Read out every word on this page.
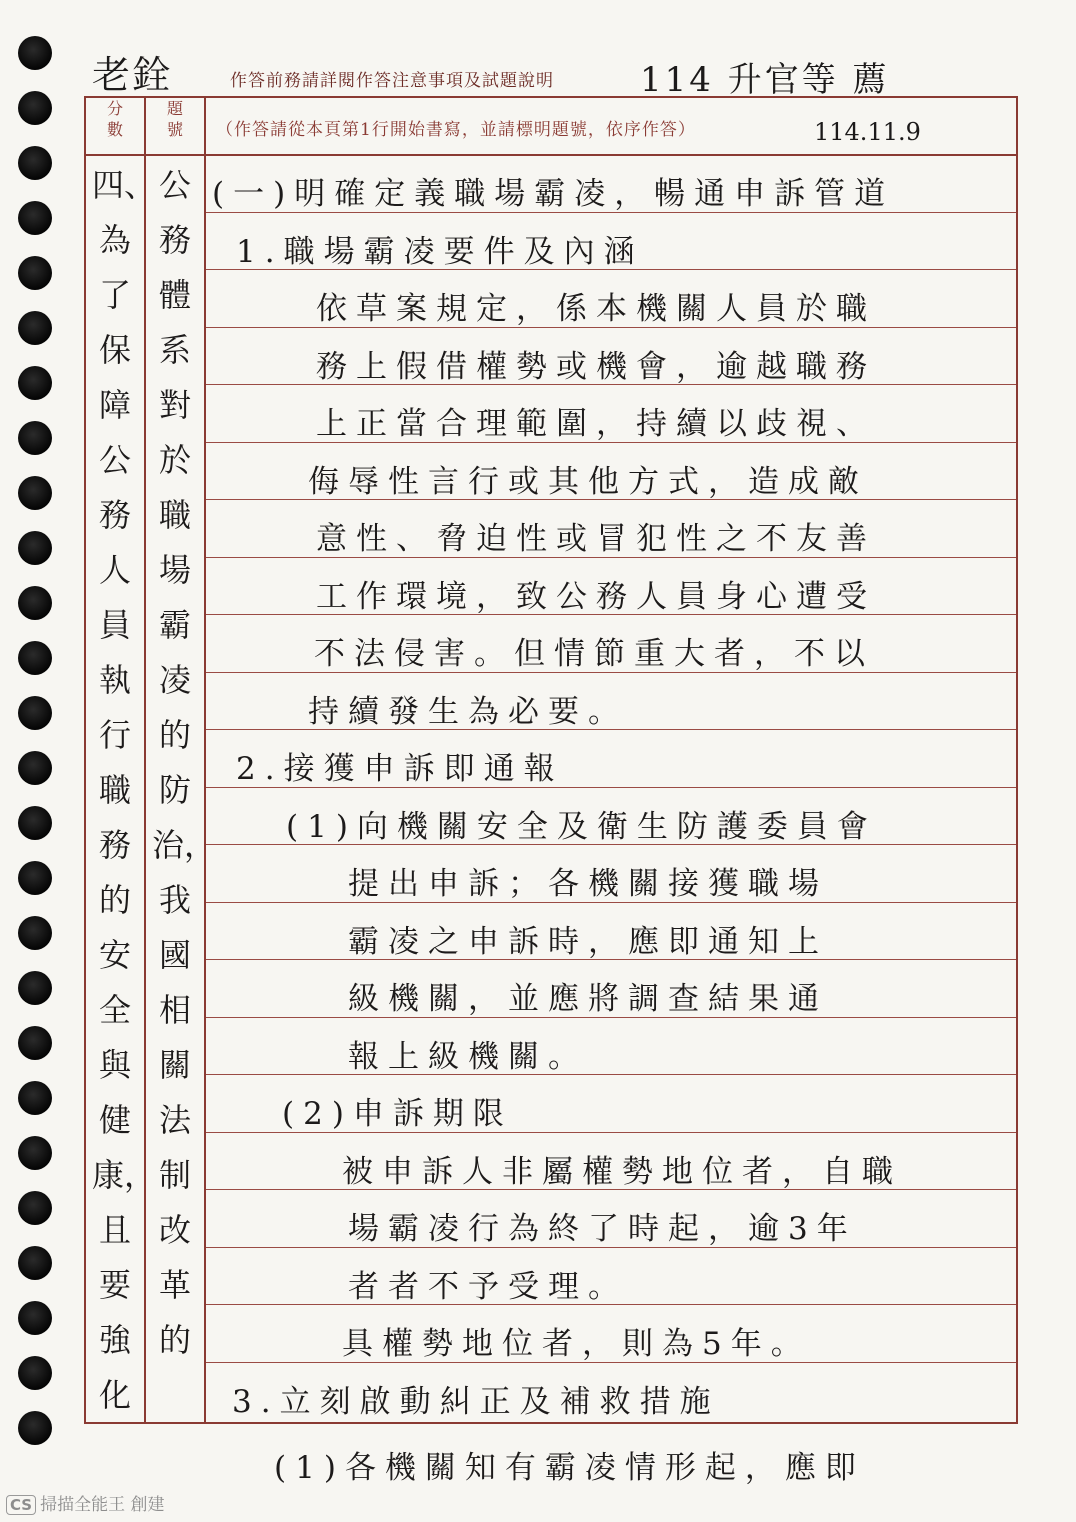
老銓	作答前務請詳閱作答注意事項及試題說明	114 升官等 薦
分數
題號	（作答請從本頁第1行開始書寫，並請標明題號，依序作答）	114.11.9
四、為了保障公務人員執行職務的安全與健康，且要強化
公務體系對於職場霸凌的防治，我國相關法制改革的
(一)明確定義職場霸凌，暢通申訴管道
1.職場霸凌要件及內涵
依草案規定，係本機關人員於職
務上假借權勢或機會，逾越職務
上正當合理範圍，持續以歧視、
侮辱性言行或其他方式，造成敵
意性、脅迫性或冒犯性之不友善
工作環境，致公務人員身心遭受
不法侵害。但情節重大者，不以
持續發生為必要。
2.接獲申訴即通報
(1)向機關安全及衛生防護委員會
提出申訴；各機關接獲職場
霸凌之申訴時，應即通知上
級機關，並應將調查結果通
報上級機關。
(2)申訴期限
被申訴人非屬權勢地位者，自職
場霸凌行為終了時起，逾3年
者者不予受理。
具權勢地位者，則為5年。
3.立刻啟動糾正及補救措施
(1)各機關知有霸凌情形起，應即
CS 掃描全能王 創建
